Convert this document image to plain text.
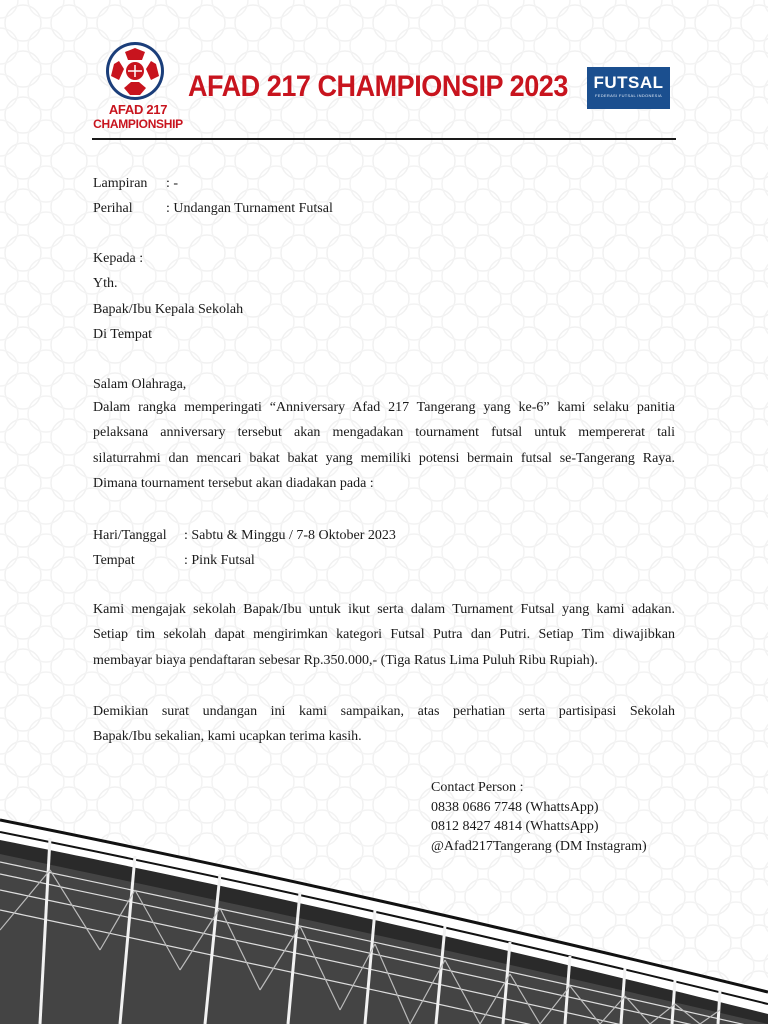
AFAD 217
CHAMPIONSHIP
AFAD 217 CHAMPIONSIP 2023	FUTSAL
FEDERASI FUTSAL INDONESIA
Lampiran : -
Perihal : Undangan Turnament Futsal
Kepada :
Yth.
Bapak/Ibu Kepala Sekolah
Di Tempat
Salam Olahraga,
Dalam rangka memperingati “Anniversary Afad 217 Tangerang yang ke-6” kami selaku panitia
pelaksana anniversary tersebut akan mengadakan tournament futsal untuk mempererat tali
silaturrahmi dan mencari bakat bakat yang memiliki potensi bermain futsal se-Tangerang Raya.
Dimana tournament tersebut akan diadakan pada :
Hari/Tanggal : Sabtu & Minggu / 7-8 Oktober 2023
Tempat	: Pink Futsal
Kami mengajak sekolah Bapak/Ibu untuk ikut serta dalam Turnament Futsal yang kami adakan.
Setiap tim sekolah dapat mengirimkan kategori Futsal Putra dan Putri. Setiap Tim diwajibkan
membayar biaya pendaftaran sebesar Rp.350.000,- (Tiga Ratus Lima Puluh Ribu Rupiah).
Demikian surat undangan ini kami sampaikan, atas perhatian serta partisipasi Sekolah
Bapak/Ibu sekalian, kami ucapkan terima kasih.
Contact Person :
0838 0686 7748 (WhattsApp)
0812 8427 4814 (WhattsApp)
@Afad217Tangerang (DM Instagram)
